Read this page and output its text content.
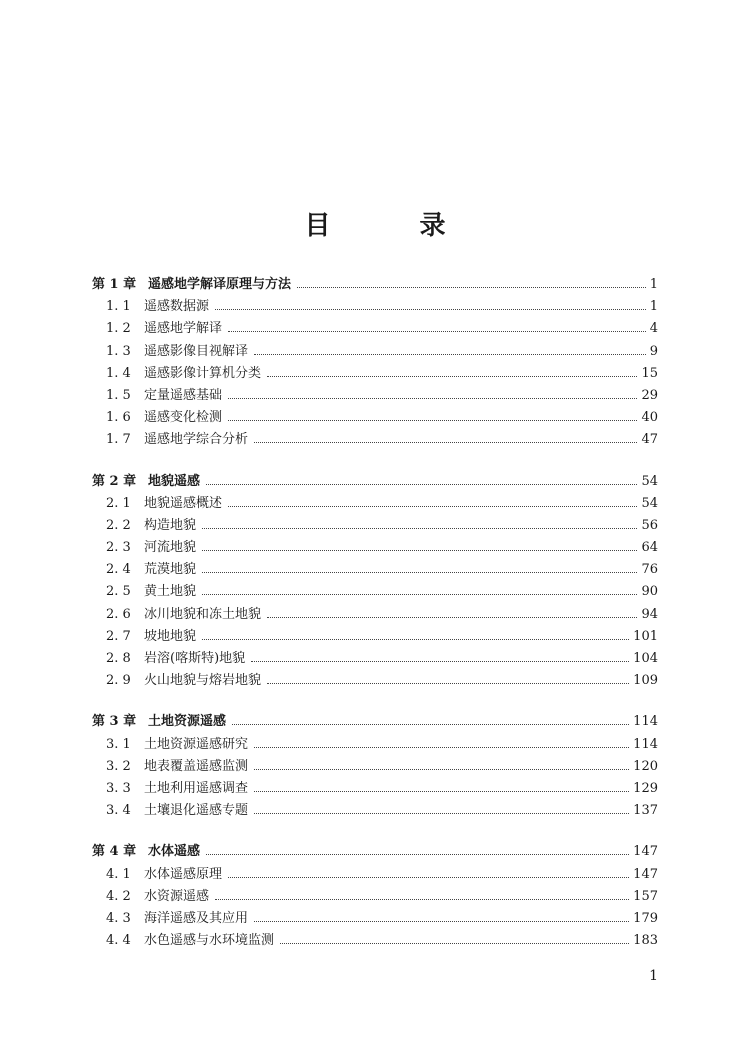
目 录
第 1 章 遥感地学解译原理与方法	1
1. 1	遥感数据源	1
1. 2	遥感地学解译	4
1. 3	遥感影像目视解译	9
1. 4	遥感影像计算机分类	15
1. 5	定量遥感基础	29
1. 6	遥感变化检测	40
1. 7	遥感地学综合分析	47
第 2 章 地貌遥感	54
2. 1	地貌遥感概述	54
2. 2	构造地貌	56
2. 3	河流地貌	64
2. 4	荒漠地貌	76
2. 5	黄土地貌	90
2. 6	冰川地貌和冻土地貌	94
2. 7	坡地地貌	101
2. 8	岩溶(喀斯特)地貌	104
2. 9	火山地貌与熔岩地貌	109
第 3 章 土地资源遥感	114
3. 1	土地资源遥感研究	114
3. 2	地表覆盖遥感监测	120
3. 3	土地利用遥感调查	129
3. 4	土壤退化遥感专题	137
第 4 章 水体遥感	147
4. 1	水体遥感原理	147
4. 2	水资源遥感	157
4. 3	海洋遥感及其应用	179
4. 4	水色遥感与水环境监测	183
1
